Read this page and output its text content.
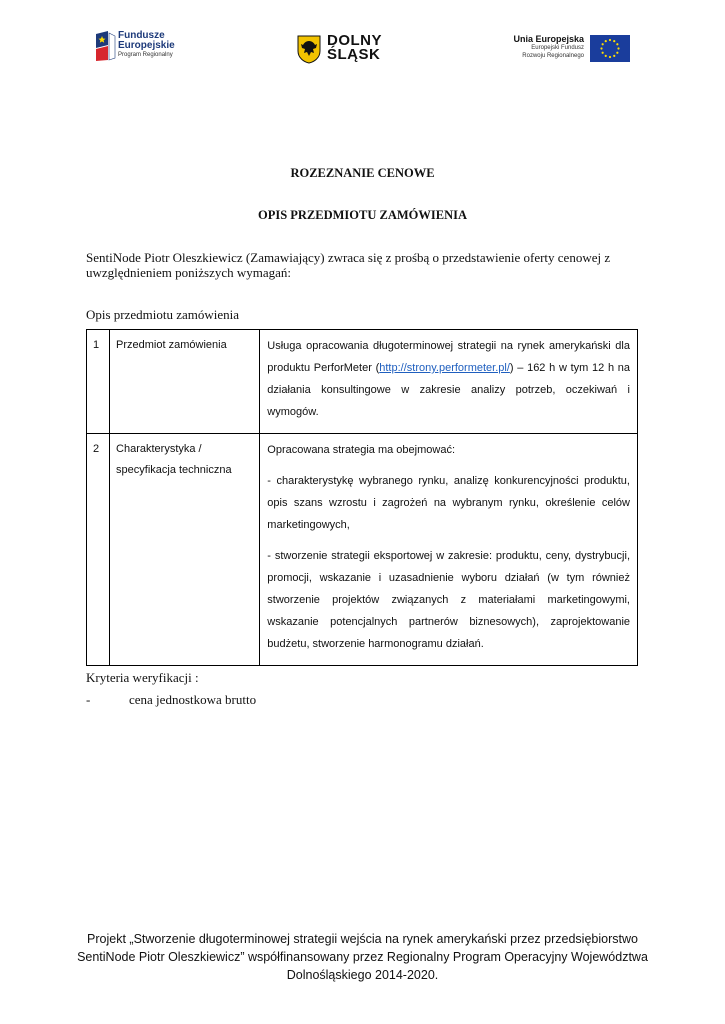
Fundusze
Europejskie
Program Regionalny
DOLNY
ŚLĄSK
Unia Europejska
Europejski Fundusz
Rozwoju Regionalnego
ROZEZNANIE CENOWE
OPIS PRZEDMIOTU ZAMÓWIENIA
SentiNode Piotr Oleszkiewicz (Zamawiający) zwraca się z prośbą o przedstawienie oferty cenowej z uwzględnieniem poniższych wymagań:
Opis przedmiotu zamówienia
1	Przedmiot zamówienia	Usługa opracowania długoterminowej strategii na rynek amerykański dla produktu PerforMeter (http://strony.performeter.pl/) – 162 h w tym 12 h na działania konsultingowe w zakresie analizy potrzeb, oczekiwań i wymogów.

2	Charakterystyka / specyfikacja techniczna	Opracowana strategia ma obejmować:

- charakterystykę wybranego rynku, analizę konkurencyjności produktu, opis szans wzrostu i zagrożeń na wybranym rynku, określenie celów marketingowych,

- stworzenie strategii eksportowej w zakresie: produktu, ceny, dystrybucji, promocji, wskazanie i uzasadnienie wyboru działań (w tym również stworzenie projektów związanych z materiałami marketingowymi, wskazanie potencjalnych partnerów biznesowych), zaprojektowanie budżetu, stworzenie harmonogramu działań.

Kryteria weryfikacji :
-	cena jednostkowa brutto
Projekt „Stworzenie długoterminowej strategii wejścia na rynek amerykański przez przedsiębiorstwo SentiNode Piotr Oleszkiewicz” współfinansowany przez Regionalny Program Operacyjny Województwa Dolnośląskiego 2014-2020.
